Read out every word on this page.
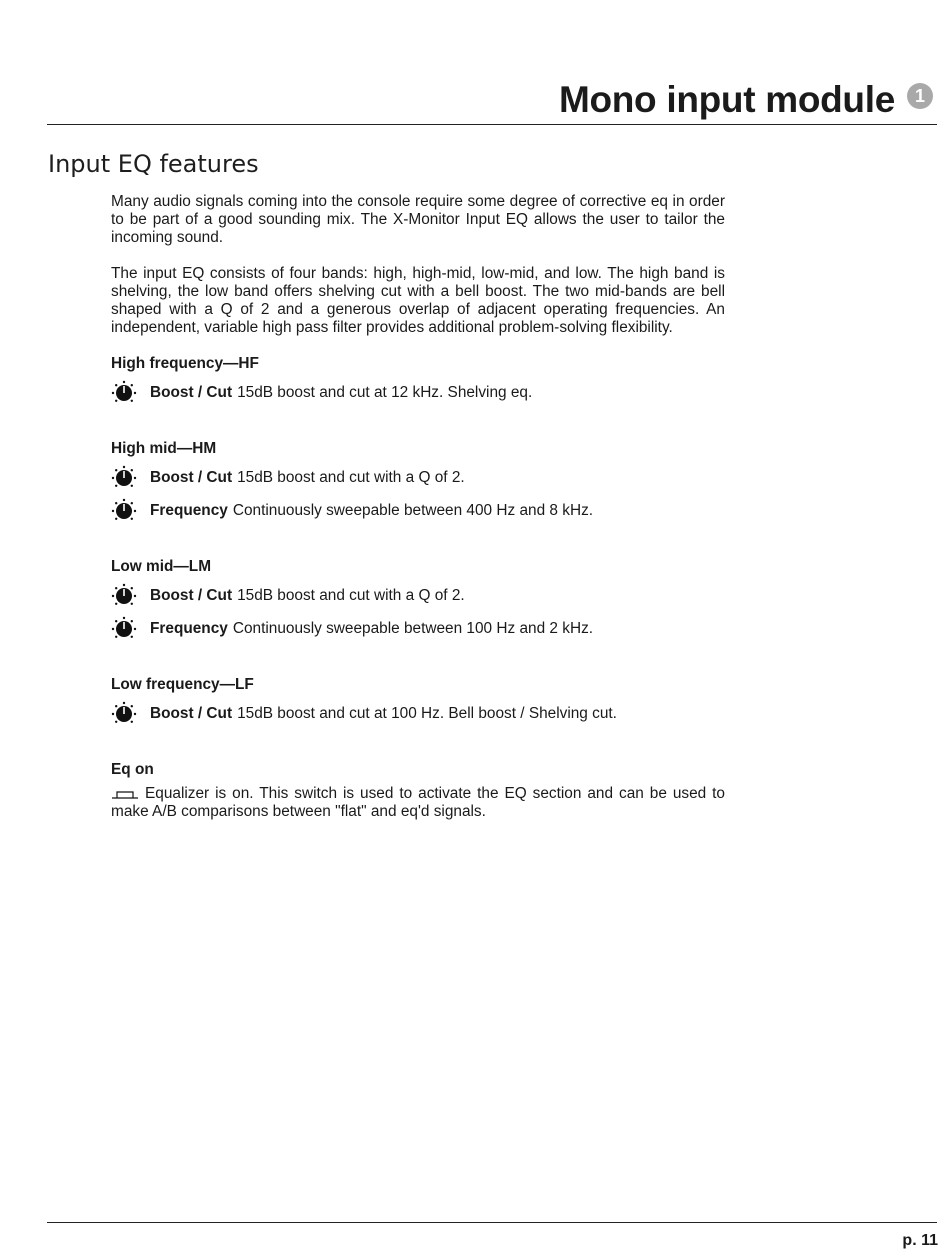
Mono input module	1
Input EQ features

Many audio signals coming into the console require some degree of corrective eq in order to be part of a good sounding mix. The X-Monitor Input EQ allows the user to tailor the incoming sound.

The input EQ consists of four bands: high, high-mid, low-mid, and low. The high band is shelving, the low band offers shelving cut with a bell boost. The two mid-bands are bell shaped with a Q of 2 and a generous overlap of adjacent operating frequencies. An independent, variable high pass filter provides additional problem-solving flexibility.

High frequency—HF
Boost / Cut 15dB boost and cut at 12 kHz. Shelving eq.
High mid—HM
Boost / Cut 15dB boost and cut with a Q of 2.
Frequency Continuously sweepable between 400 Hz and 8 kHz.
Low mid—LM
Boost / Cut 15dB boost and cut with a Q of 2.
Frequency Continuously sweepable between 100 Hz and 2 kHz.
Low frequency—LF
Boost / Cut 15dB boost and cut at 100 Hz. Bell boost / Shelving cut.
Eq on

Equalizer is on. This switch is used to activate the EQ section and can be used to make A/B comparisons between "flat" and eq'd signals.

p. 11
